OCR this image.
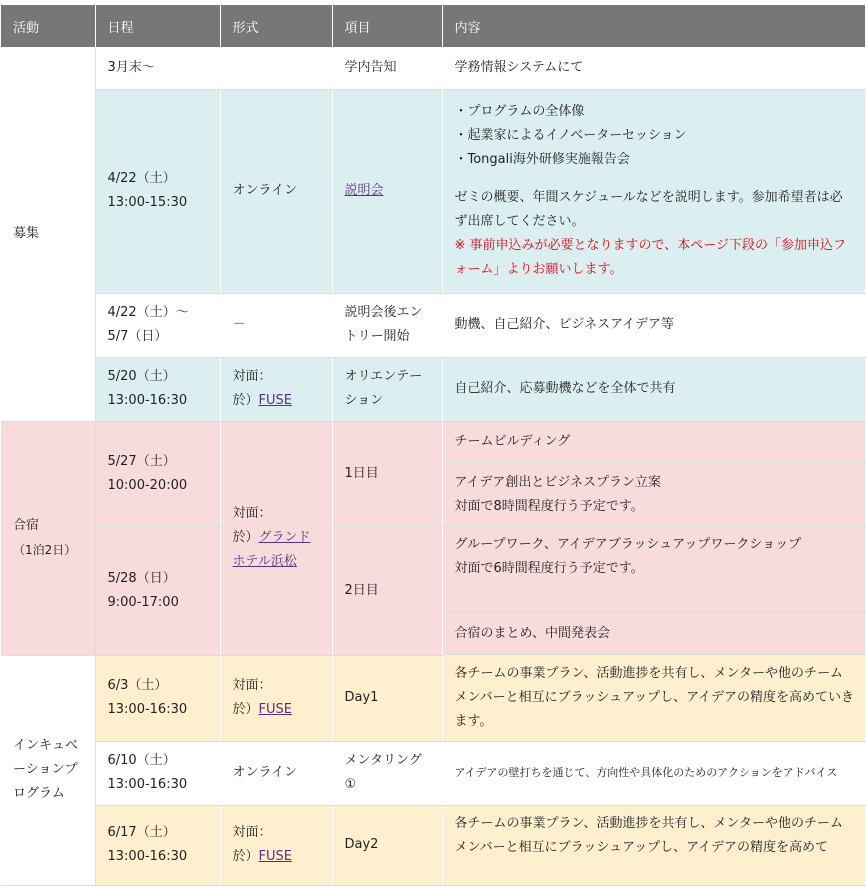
活動	日程	形式	項目	内容
募集	3月末～		学内告知	学務情報システムにて

	4/22（土）
13:00-15:30	オンライン	説明会	・プログラムの全体像
・起業家によるイノベーターセッション
・Tongali海外研修実施報告会
ゼミの概要、年間スケジュールなどを説明します。参加希望者は必ず出席してください。
※ 事前申込みが必要となりますので、本ページ下段の「参加申込フォーム」よりお願いします。

	4/22（土）～
5/7（日）	－	説明会後エントリー開始	動機、自己紹介、ビジネスアイデア等

	5/20（土）
13:00-16:30	対面：
於）FUSE	オリエンテーション	自己紹介、応募動機などを全体で共有

合宿
（1泊2日）	5/27（土）
10:00-20:00	対面：
於）グランドホテル浜松	1日目	チームビルディング

				アイデア創出とビジネスプラン立案
対面で8時間程度行う予定です。

	5/28（日）
9:00-17:00		2日目	グループワーク、アイデアブラッシュアップワークショップ
対面で6時間程度行う予定です。

				合宿のまとめ、中間発表会

インキュベーションプログラム	6/3（土）
13:00-16:30	対面：
於）FUSE	Day1	各チームの事業プラン、活動進捗を共有し、メンターや他のチームメンバーと相互にブラッシュアップし、アイデアの精度を高めていきます。

	6/10（土）
13:00-16:30	オンライン	メンタリング①	アイデアの壁打ちを通じて、方向性や具体化のためのアクションをアドバイス

	6/17（土）
13:00-16:30	対面：
於）FUSE	Day2	各チームの事業プラン、活動進捗を共有し、メンターや他のチームメンバーと相互にブラッシュアップし、アイデアの精度を高めて
